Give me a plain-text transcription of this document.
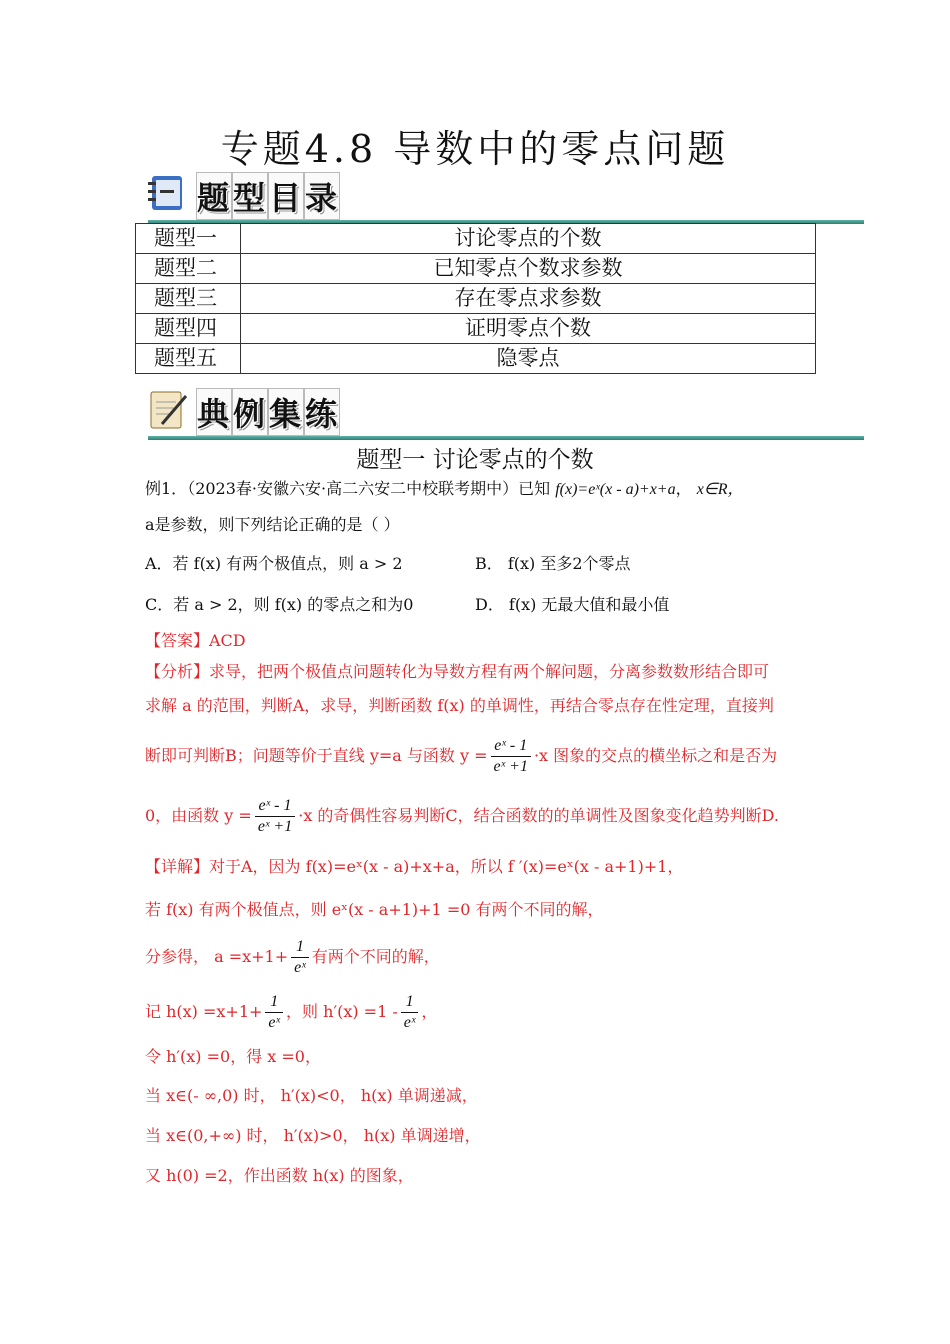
专题4.8 导数中的零点问题
题型目录
题型一	讨论零点的个数
题型二	已知零点个数求参数
题型三	存在零点求参数
题型四	证明零点个数
题型五	隐零点
典例集练
题型一 讨论零点的个数
例1．（2023春·安徽六安·高二六安二中校联考期中）已知 f(x)=eˣ(x - a)+x+a， x∈R，
a是参数，则下列结论正确的是（ ）
A．若 f(x) 有两个极值点，则 a > 2	B． f(x) 至多2个零点
C．若 a > 2，则 f(x) 的零点之和为0	D． f(x) 无最大值和最小值
【答案】ACD
【分析】求导，把两个极值点问题转化为导数方程有两个解问题，分离参数数形结合即可
求解 a 的范围，判断A，求导，判断函数 f(x) 的单调性，再结合零点存在性定理，直接判
断即可判断B；问题等价于直线 y=a 与函数 $y = \frac{\text{eˣ - 1}}{\text{eˣ +1}} \cdot x$ 图象的交点的横坐标之和是否为
0，由函数 $y = \frac{\text{eˣ - 1}}{\text{eˣ +1}} \cdot x$ 的奇偶性容易判断C，结合函数的的单调性及图象变化趋势判断D.
【详解】对于A，因为 f(x)=eˣ(x - a)+x+a，所以 f ′(x)=eˣ(x - a+1)+1，
若 f(x) 有两个极值点，则 eˣ(x - a+1)+1 =0 有两个不同的解，
分参得， $a =x+1+ \frac{1}{\text{eˣ}}$ 有两个不同的解，
记 $h(x) =x+1+ \frac{1}{\text{eˣ}}$ ，则 $h'(x) =1 - \frac{1}{\text{eˣ}}$ ，
令 h′(x) =0，得 x =0，
当 x∈(- ∞,0) 时， h′(x)<0， h(x) 单调递减，
当 x∈(0,+∞) 时， h′(x)>0， h(x) 单调递增，
又 h(0) =2，作出函数 h(x) 的图象，
